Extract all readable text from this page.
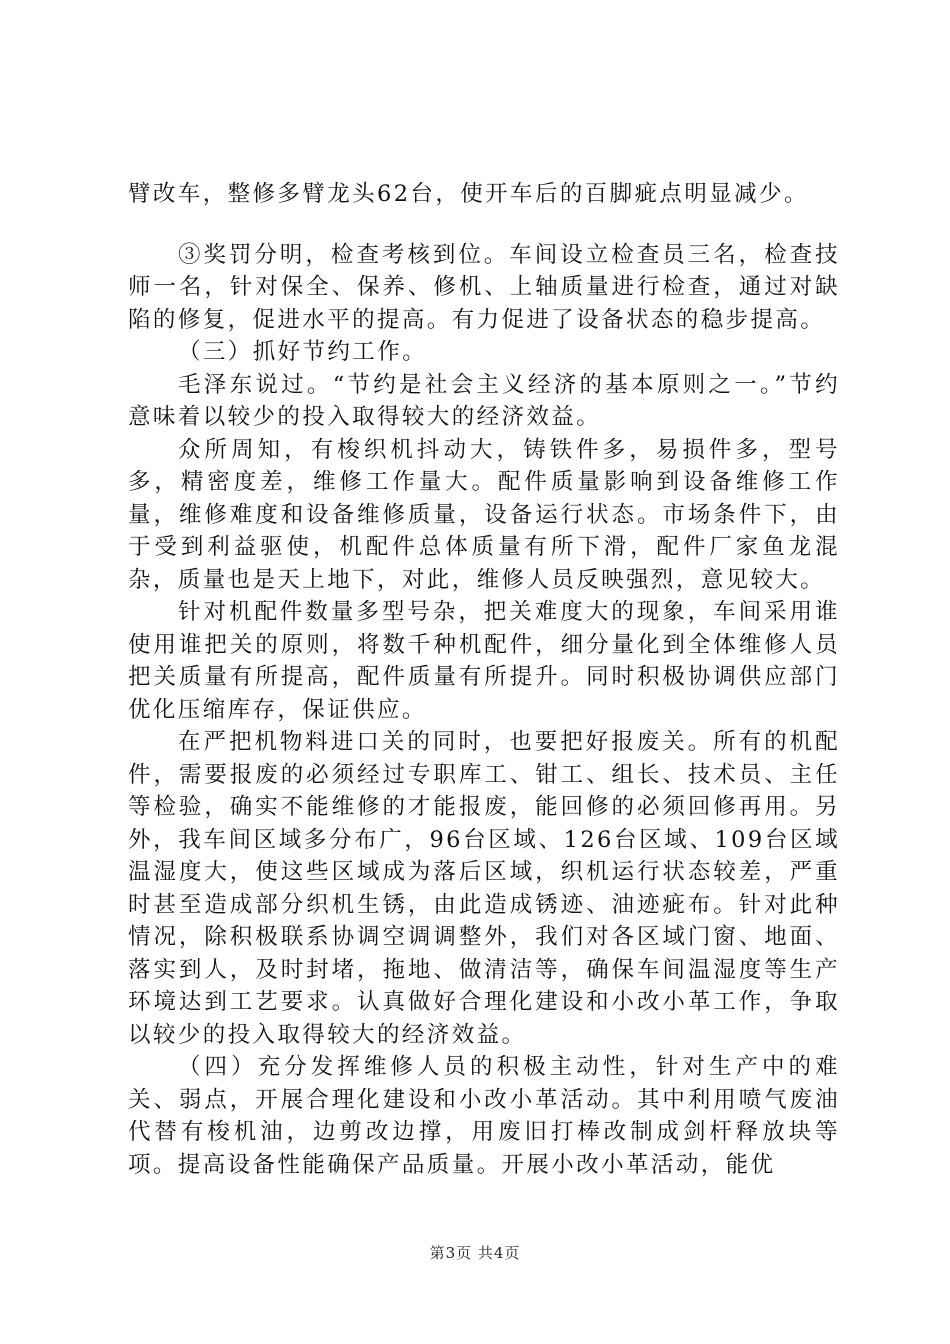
臂改车，整修多臂龙头62台，使开车后的百脚疵点明显减少。

③奖罚分明，检查考核到位。车间设立检查员三名，检查技师一名，针对保全、保养、修机、上轴质量进行检查，通过对缺陷的修复，促进水平的提高。有力促进了设备状态的稳步提高。

（三）抓好节约工作。

毛泽东说过。“节约是社会主义经济的基本原则之一。”节约意味着以较少的投入取得较大的经济效益。

众所周知，有梭织机抖动大，铸铁件多，易损件多，型号多，精密度差，维修工作量大。配件质量影响到设备维修工作量，维修难度和设备维修质量，设备运行状态。市场条件下，由于受到利益驱使，机配件总体质量有所下滑，配件厂家鱼龙混杂，质量也是天上地下，对此，维修人员反映强烈，意见较大。

针对机配件数量多型号杂，把关难度大的现象，车间采用谁使用谁把关的原则，将数千种机配件，细分量化到全体维修人员把关质量有所提高，配件质量有所提升。同时积极协调供应部门优化压缩库存，保证供应。

在严把机物料进口关的同时，也要把好报废关。所有的机配件，需要报废的必须经过专职库工、钳工、组长、技术员、主任等检验，确实不能维修的才能报废，能回修的必须回修再用。另外，我车间区域多分布广，96台区域、126台区域、109台区域温湿度大，使这些区域成为落后区域，织机运行状态较差，严重时甚至造成部分织机生锈，由此造成锈迹、油迹疵布。针对此种情况，除积极联系协调空调调整外，我们对各区域门窗、地面、落实到人，及时封堵，拖地、做清洁等，确保车间温湿度等生产环境达到工艺要求。认真做好合理化建设和小改小革工作，争取以较少的投入取得较大的经济效益。

（四）充分发挥维修人员的积极主动性，针对生产中的难关、弱点，开展合理化建设和小改小革活动。其中利用喷气废油代替有梭机油，边剪改边撑，用废旧打棒改制成剑杆释放块等项。提高设备性能确保产品质量。开展小改小革活动，能优

第3页 共4页
